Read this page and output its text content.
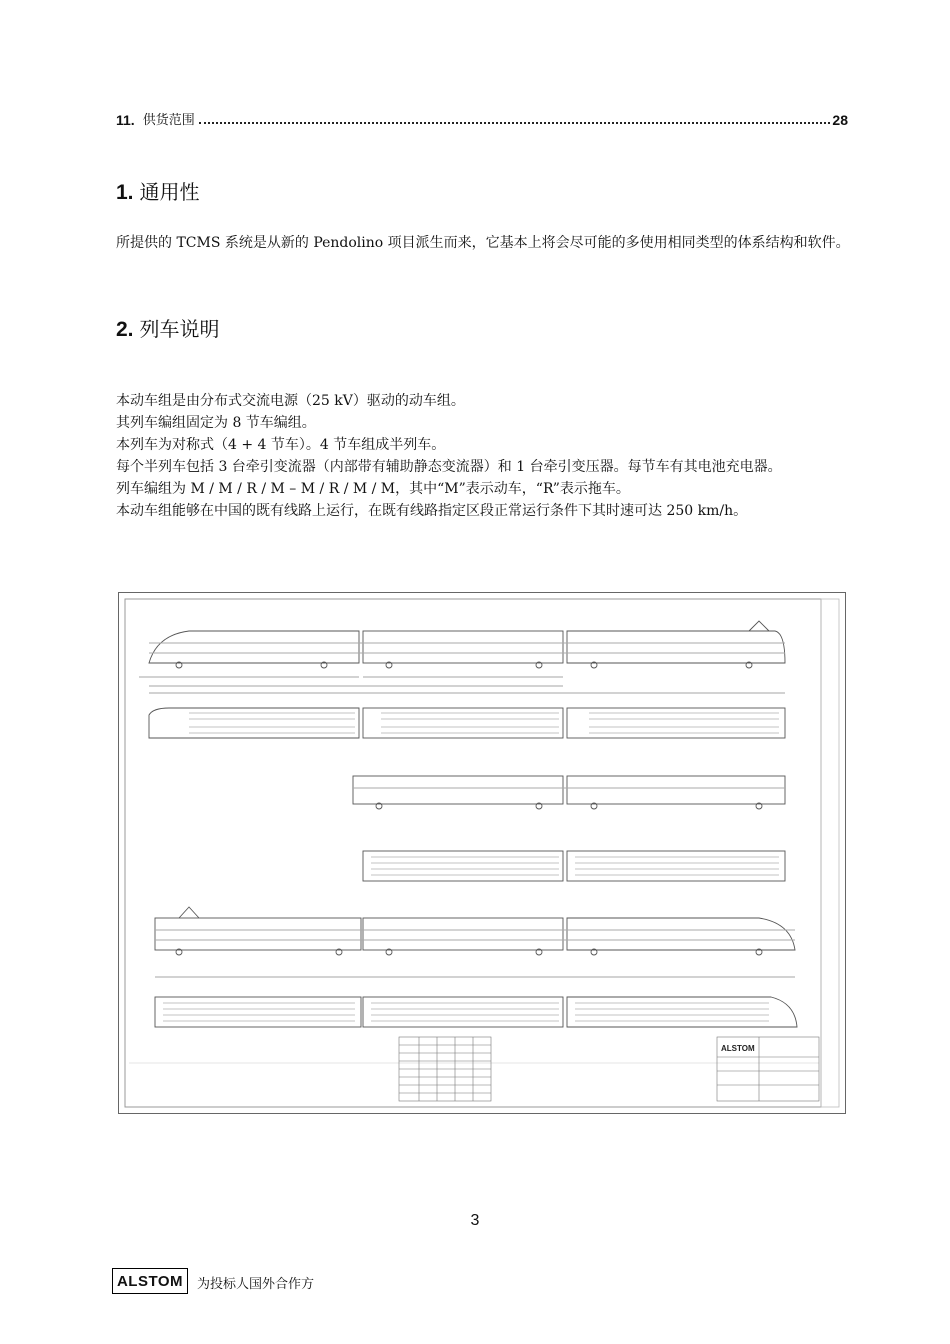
11. 供货范围	28
1. 通用性

所提供的 TCMS 系统是从新的 Pendolino 项目派生而来，它基本上将会尽可能的多使用相同类型的体系结构和软件。

2. 列车说明

本动车组是由分布式交流电源（25 kV）驱动的动车组。

其列车编组固定为 8 节车编组。

本列车为对称式（4 + 4 节车）。4 节车组成半列车。

每个半列车包括 3 台牵引变流器（内部带有辅助静态变流器）和 1 台牵引变压器。每节车有其电池充电器。

列车编组为 M / M / R / M – M / R / M / M，其中“M”表示动车，“R”表示拖车。

本动车组能够在中国的既有线路上运行，在既有线路指定区段正常运行条件下其时速可达 250 km/h。

ALSTOM
3
ALSTOM	为投标人国外合作方
